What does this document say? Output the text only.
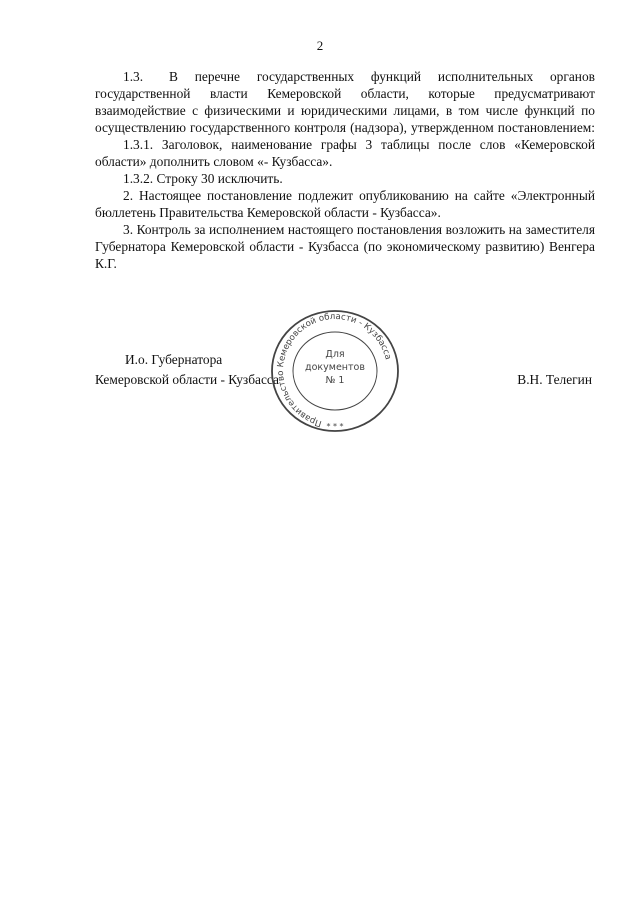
2

1.3. В перечне государственных функций исполнительных органов государственной власти Кемеровской области, которые предусматривают взаимодействие с физическими и юридическими лицами, в том числе функций по осуществлению государственного контроля (надзора), утвержденном постановлением:

1.3.1. Заголовок, наименование графы 3 таблицы после слов «Кемеровской области» дополнить словом «- Кузбасса».

1.3.2. Строку 30 исключить.

2. Настоящее постановление подлежит опубликованию на сайте «Электронный бюллетень Правительства Кемеровской области - Кузбасса».

3. Контроль за исполнением настоящего постановления возложить на заместителя Губернатора Кемеровской области - Кузбасса (по экономическому развитию) Венгера К.Г.

И.о. Губернатора
Кемеровской области - Кузбасса	В.Н. Телегин
Правительство Кемеровской области - Кузбасса
Для
документов
№ 1
* * *
